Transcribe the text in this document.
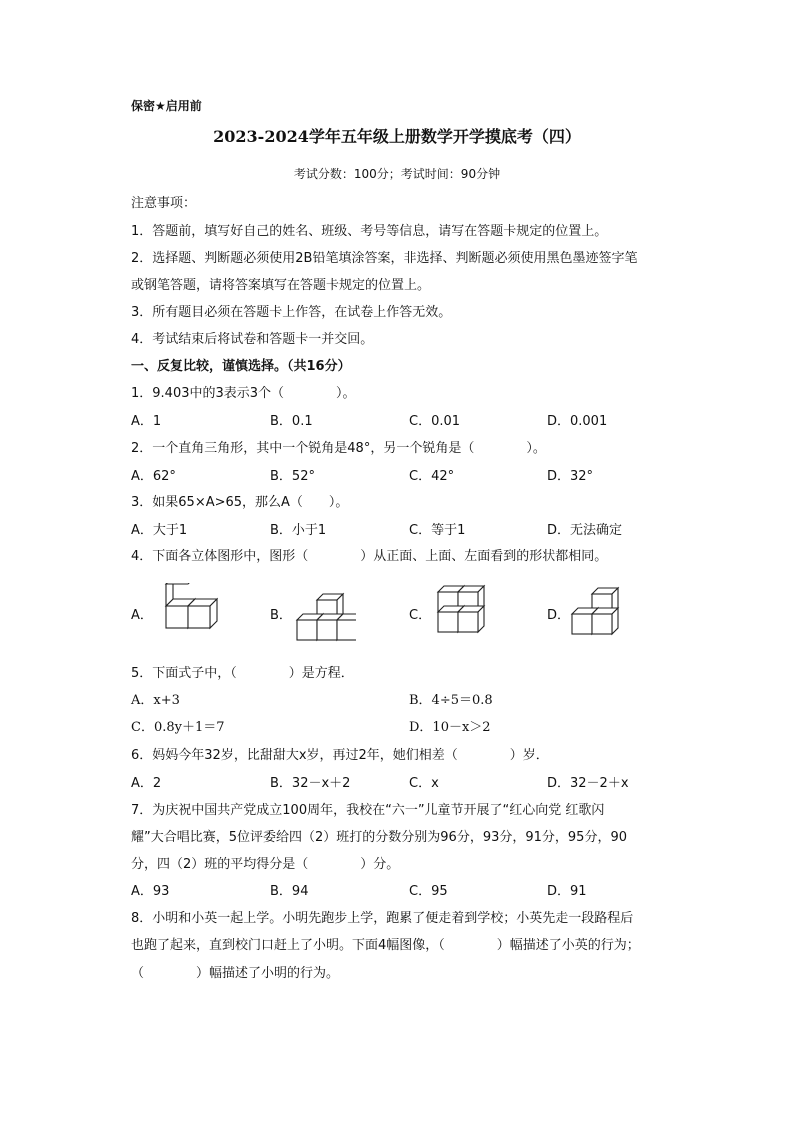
保密★启用前
2023-2024学年五年级上册数学开学摸底考（四）
考试分数：100分；考试时间：90分钟
注意事项：
1．答题前，填写好自己的姓名、班级、考号等信息，请写在答题卡规定的位置上。
2．选择题、判断题必须使用2B铅笔填涂答案，非选择、判断题必须使用黑色墨迹签字笔
或钢笔答题，请将答案填写在答题卡规定的位置上。
3．所有题目必须在答题卡上作答，在试卷上作答无效。
4．考试结束后将试卷和答题卡一并交回。
一、反复比较，谨慎选择。（共16分）
1．9.403中的3表示3个（　　　　）。
A．1	B．0.1	C．0.01	D．0.001
2．一个直角三角形，其中一个锐角是48°，另一个锐角是（　　　　）。
A．62°	B．52°	C．42°	D．32°
3．如果65×A>65，那么A（　　）。
A．大于1	B．小于1	C．等于1	D．无法确定
4．下面各立体图形中，图形（　　　　）从正面、上面、左面看到的形状都相同。
A．	B．	C．	D．
5．下面式子中，（　　　　）是方程．
A．x+3	B．4÷5＝0.8
C．0.8y＋1＝7	D．10－x＞2
6．妈妈今年32岁，比甜甜大x岁，再过2年，她们相差（　　　　）岁．
A．2	B．32－x＋2	C．x	D．32－2＋x
7．为庆祝中国共产党成立100周年，我校在“六一”儿童节开展了“红心向党 红歌闪
耀”大合唱比赛，5位评委给四（2）班打的分数分别为96分，93分，91分，95分，90
分，四（2）班的平均得分是（　　　　）分。
A．93	B．94	C．95	D．91
8．小明和小英一起上学。小明先跑步上学，跑累了便走着到学校；小英先走一段路程后
也跑了起来，直到校门口赶上了小明。下面4幅图像，（　　　　）幅描述了小英的行为；
（　　　　）幅描述了小明的行为。
